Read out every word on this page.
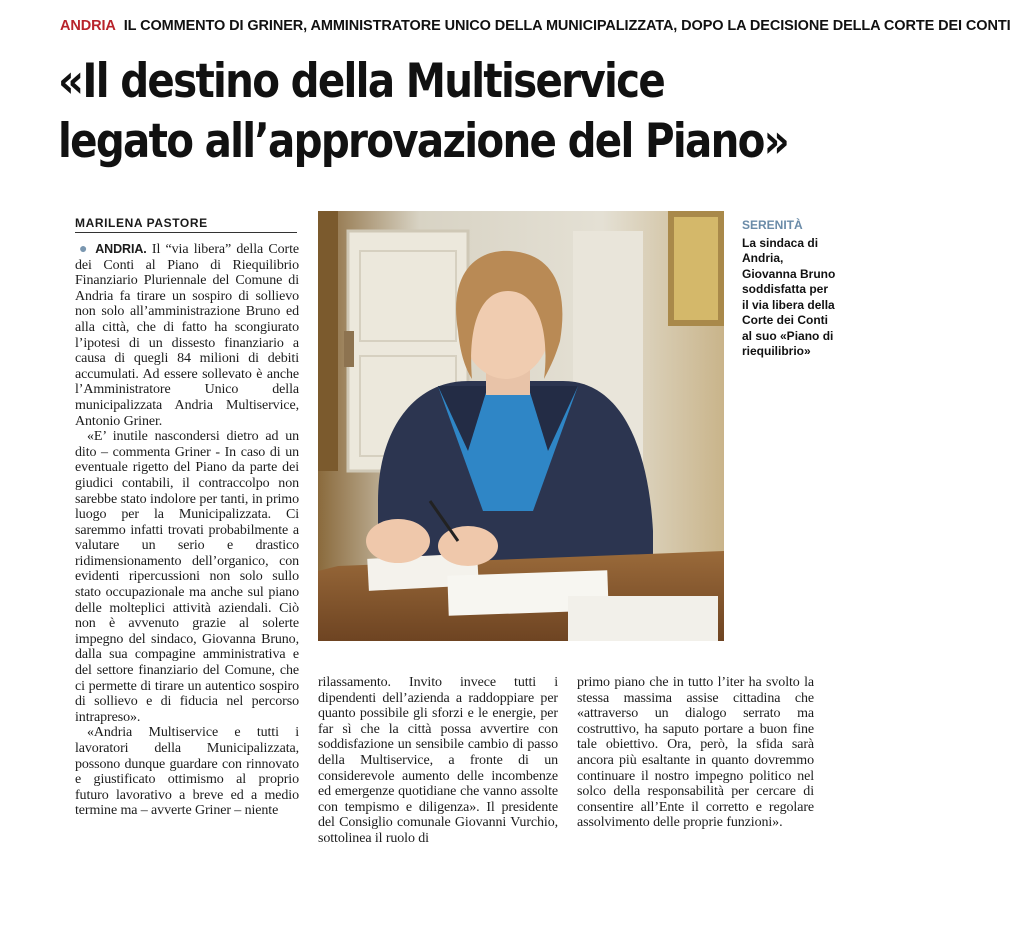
ANDRIA IL COMMENTO DI GRINER, AMMINISTRATORE UNICO DELLA MUNICIPALIZZATA, DOPO LA DECISIONE DELLA CORTE DEI CONTI
«Il destino della Multiservice
legato all’approvazione del Piano»
MARILENA PASTORE

● ANDRIA. Il “via libera” della Corte dei Conti al Piano di Riequilibrio Finanziario Pluriennale del Comune di Andria fa tirare un sospiro di sollievo non solo all’amministrazione Bruno ed alla città, che di fatto ha scongiurato l’ipotesi di un dissesto finanziario a causa di quegli 84 milioni di debiti accumulati. Ad essere sollevato è anche l’Amministratore Unico della municipalizzata Andria Multiservice, Antonio Griner.

«E’ inutile nascondersi dietro ad un dito – commenta Griner - In caso di un eventuale rigetto del Piano da parte dei giudici contabili, il contraccolpo non sarebbe stato indolore per tanti, in primo luogo per la Municipalizzata. Ci saremmo infatti trovati probabilmente a valutare un serio e drastico ridimensionamento dell’organico, con evidenti ripercussioni non solo sullo stato occupazionale ma anche sul piano delle molteplici attività aziendali. Ciò non è avvenuto grazie al solerte impegno del sindaco, Giovanna Bruno, dalla sua compagine amministrativa e del settore finanziario del Comune, che ci permette di tirare un autentico sospiro di sollievo e di fiducia nel percorso intrapreso».

«Andria Multiservice e tutti i lavoratori della Municipalizzata, possono dunque guardare con rinnovato e giustificato ottimismo al proprio futuro lavorativo a breve ed a medio termine ma – avverte Griner – niente

SERENITÀ
La sindaca di Andria, Giovanna Bruno soddisfatta per il via libera della Corte dei Conti al suo «Piano di riequilibrio»

rilassamento. Invito invece tutti i dipendenti dell’azienda a raddoppiare per quanto possibile gli sforzi e le energie, per far sì che la città possa avvertire con soddisfazione un sensibile cambio di passo della Multiservice, a fronte di un considerevole aumento delle incombenze ed emergenze quotidiane che vanno assolte con tempismo e diligenza». Il presidente del Consiglio comunale Giovanni Vurchio, sottolinea il ruolo di

primo piano che in tutto l’iter ha svolto la stessa massima assise cittadina che «attraverso un dialogo serrato ma costruttivo, ha saputo portare a buon fine tale obiettivo. Ora, però, la sfida sarà ancora più esaltante in quanto dovremmo continuare il nostro impegno politico nel solco della responsabilità per cercare di consentire all’Ente il corretto e regolare assolvimento delle proprie funzioni».
